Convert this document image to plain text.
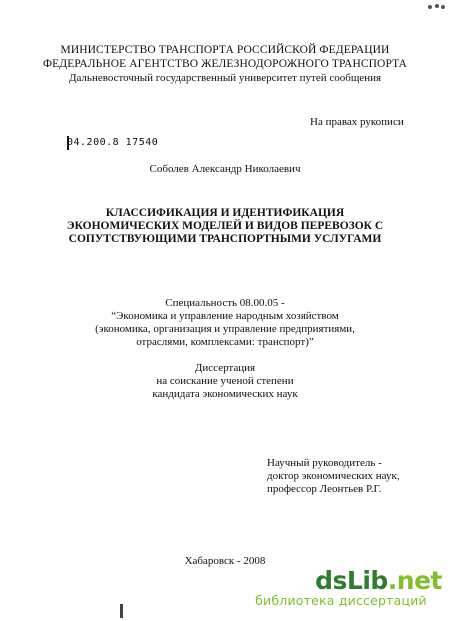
МИНИСТЕРСТВО ТРАНСПОРТА РОССИЙСКОЙ ФЕДЕРАЦИИ
ФЕДЕРАЛЬНОЕ АГЕНТСТВО ЖЕЛЕЗНОДОРОЖНОГО ТРАНСПОРТА
Дальневосточный государственный университет путей сообщения
На правах рукописи
04.200.8 17540
Соболев Александр Николаевич
КЛАССИФИКАЦИЯ И ИДЕНТИФИКАЦИЯ
ЭКОНОМИЧЕСКИХ МОДЕЛЕЙ И ВИДОВ ПЕРЕВОЗОК С
СОПУТСТВУЮЩИМИ ТРАНСПОРТНЫМИ УСЛУГАМИ
Специальность 08.00.05 -
“Экономика и управление народным хозяйством
(экономика, организация и управление предприятиями,
отраслями, комплексами: транспорт)”
Диссертация
на соискание ученой степени
кандидата экономических наук
Научный руководитель -
доктор экономических наук,
профессор Леонтьев Р.Г.
Хабаровск - 2008
dsLib.net
библиотека диссертаций
